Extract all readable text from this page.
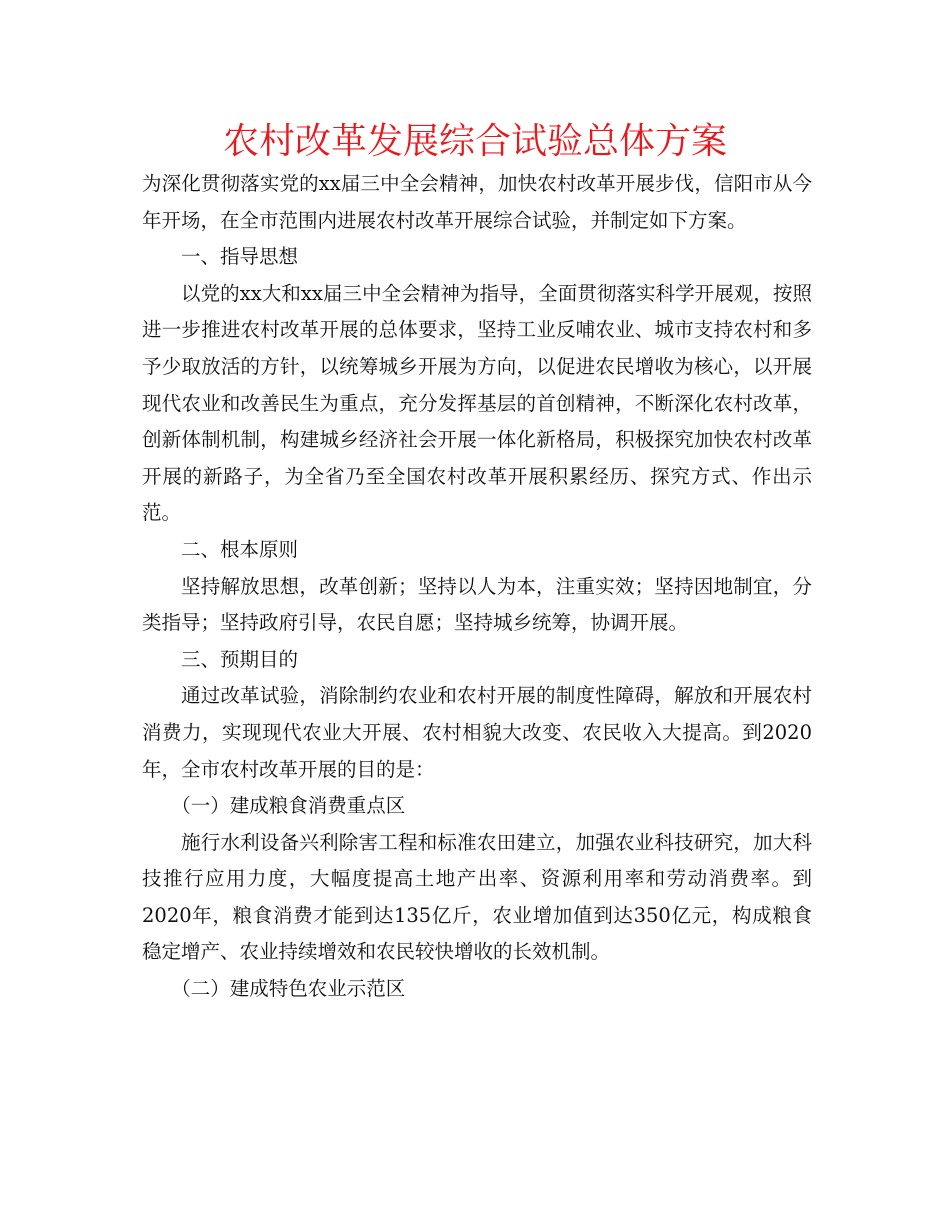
农村改革发展综合试验总体方案

为深化贯彻落实党的xx届三中全会精神，加快农村改革开展步伐，信阳市从今年开场，在全市范围内进展农村改革开展综合试验，并制定如下方案。

一、指导思想

以党的xx大和xx届三中全会精神为指导，全面贯彻落实科学开展观，按照进一步推进农村改革开展的总体要求，坚持工业反哺农业、城市支持农村和多予少取放活的方针，以统筹城乡开展为方向，以促进农民增收为核心，以开展现代农业和改善民生为重点，充分发挥基层的首创精神，不断深化农村改革，创新体制机制，构建城乡经济社会开展一体化新格局，积极探究加快农村改革开展的新路子，为全省乃至全国农村改革开展积累经历、探究方式、作出示范。

二、根本原则

坚持解放思想，改革创新；坚持以人为本，注重实效；坚持因地制宜，分类指导；坚持政府引导，农民自愿；坚持城乡统筹，协调开展。

三、预期目的

通过改革试验，消除制约农业和农村开展的制度性障碍，解放和开展农村消费力，实现现代农业大开展、农村相貌大改变、农民收入大提高。到2020年，全市农村改革开展的目的是：

（一）建成粮食消费重点区

施行水利设备兴利除害工程和标准农田建立，加强农业科技研究，加大科技推行应用力度，大幅度提高土地产出率、资源利用率和劳动消费率。到2020年，粮食消费才能到达135亿斤，农业增加值到达350亿元，构成粮食稳定增产、农业持续增效和农民较快增收的长效机制。

（二）建成特色农业示范区
